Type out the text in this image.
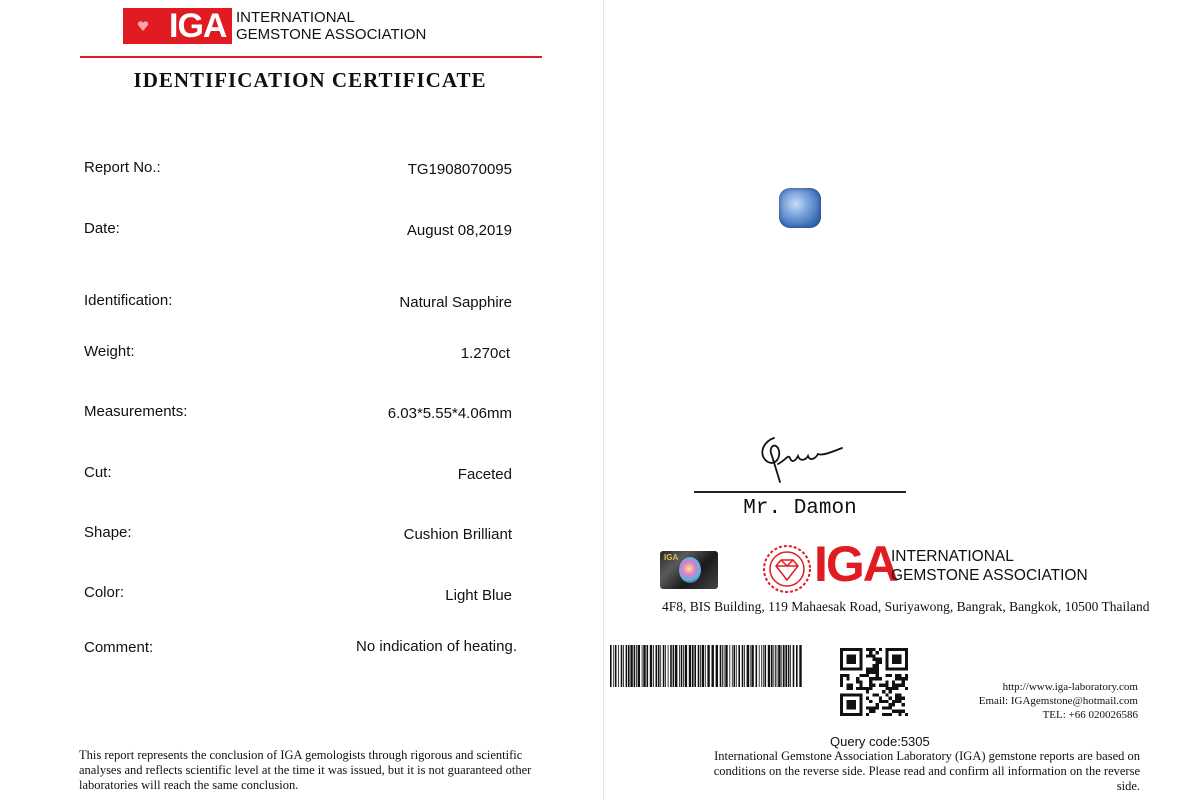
IGA INTERNATIONAL
GEMSTONE ASSOCIATION
IDENTIFICATION CERTIFICATE
Report No.:	TG1908070095
Date:	August 08,2019
Identification:	Natural Sapphire
Weight:	1.270ct
Measurements:	6.03*5.55*4.06mm
Cut:	Faceted
Shape:	Cushion Brilliant
Color:	Light Blue
Comment:	No indication of heating.
This report represents the conclusion of IGA gemologists through rigorous and scientific analyses and reflects scientific level at the time it was issued, but it is not guaranteed other laboratories will reach the same conclusion.
Mr. Damon
IGA	IGA
INTERNATIONAL
GEMSTONE ASSOCIATION
4F8, BIS Building, 119 Mahaesak Road, Suriyawong, Bangrak, Bangkok, 10500 Thailand
http://www.iga-laboratory.com
Email: IGAgemstone@hotmail.com
TEL: +66 020026586
Query code:5305
International Gemstone Association Laboratory (IGA) gemstone reports are based on conditions on the reverse side. Please read and confirm all information on the reverse side.
